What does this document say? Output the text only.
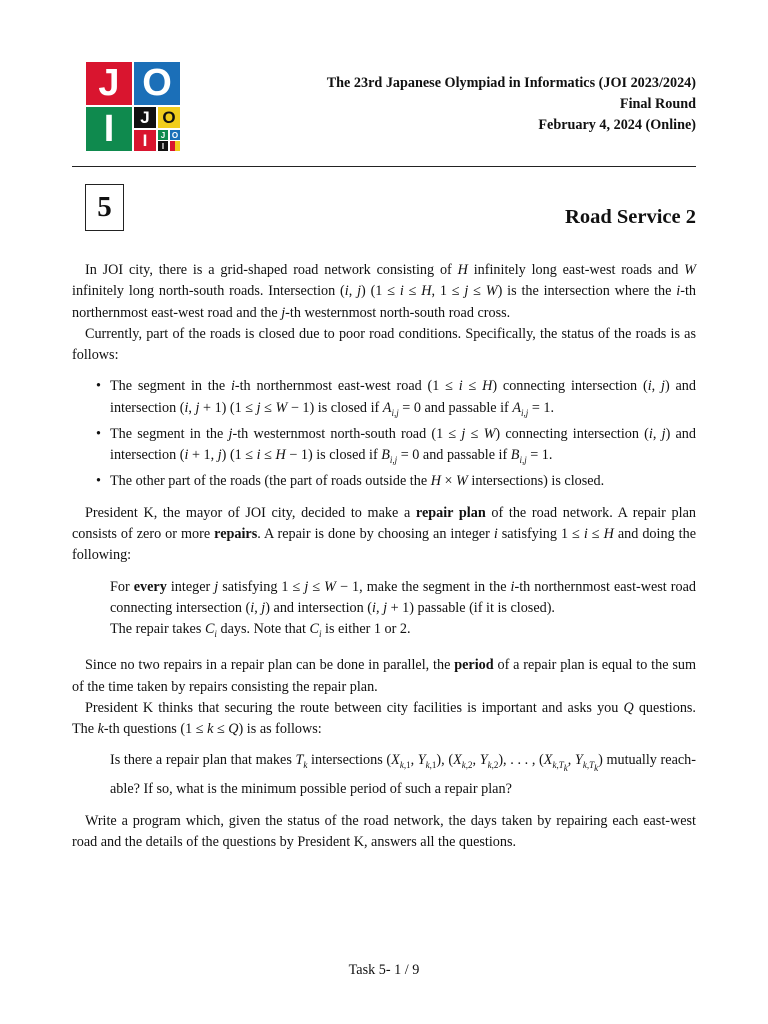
J O
I J O
I J O
I
The 23rd Japanese Olympiad in Informatics (JOI 2023/2024)
Final Round
February 4, 2024 (Online)
5	Road Service 2

In JOI city, there is a grid-shaped road network consisting of H infinitely long east-west roads and W infinitely long north-south roads. Intersection (i, j) (1 ≤ i ≤ H, 1 ≤ j ≤ W) is the intersection where the i-th northernmost east-west road and the j-th westernmost north-south road cross.

Currently, part of the roads is closed due to poor road conditions. Specifically, the status of the roads is as follows:

• The segment in the i-th northernmost east-west road (1 ≤ i ≤ H) connecting intersection (i, j) and intersection (i, j + 1) (1 ≤ j ≤ W − 1) is closed if $A_{i,j} = 0$ and passable if $A_{i,j} = 1$.
• The segment in the j-th westernmost north-south road (1 ≤ j ≤ W) connecting intersection (i, j) and intersection (i + 1, j) (1 ≤ i ≤ H − 1) is closed if $B_{i,j} = 0$ and passable if $B_{i,j} = 1$.
• The other part of the roads (the part of roads outside the H × W intersections) is closed.

President K, the mayor of JOI city, decided to make a repair plan of the road network. A repair plan consists of zero or more repairs. A repair is done by choosing an integer i satisfying 1 ≤ i ≤ H and doing the following:

For every integer j satisfying 1 ≤ j ≤ W − 1, make the segment in the i-th northernmost east-west road connecting intersection (i, j) and intersection (i, j + 1) passable (if it is closed).

The repair takes $C_i$ days. Note that $C_i$ is either 1 or 2.

Since no two repairs in a repair plan can be done in parallel, the period of a repair plan is equal to the sum of the time taken by repairs consisting the repair plan.

President K thinks that securing the route between city facilities is important and asks you Q questions. The k-th questions (1 ≤ k ≤ Q) is as follows:

Is there a repair plan that makes $T_k$ intersections ($X_{k,1}$, $Y_{k,1}$), ($X_{k,2}$, $Y_{k,2}$), . . . , ($X_{k,T_k}$, $Y_{k,T_k}$) mutually reach-able? If so, what is the minimum possible period of such a repair plan?

Write a program which, given the status of the road network, the days taken by repairing each east-west road and the details of the questions by President K, answers all the questions.

Task 5- 1 / 9
